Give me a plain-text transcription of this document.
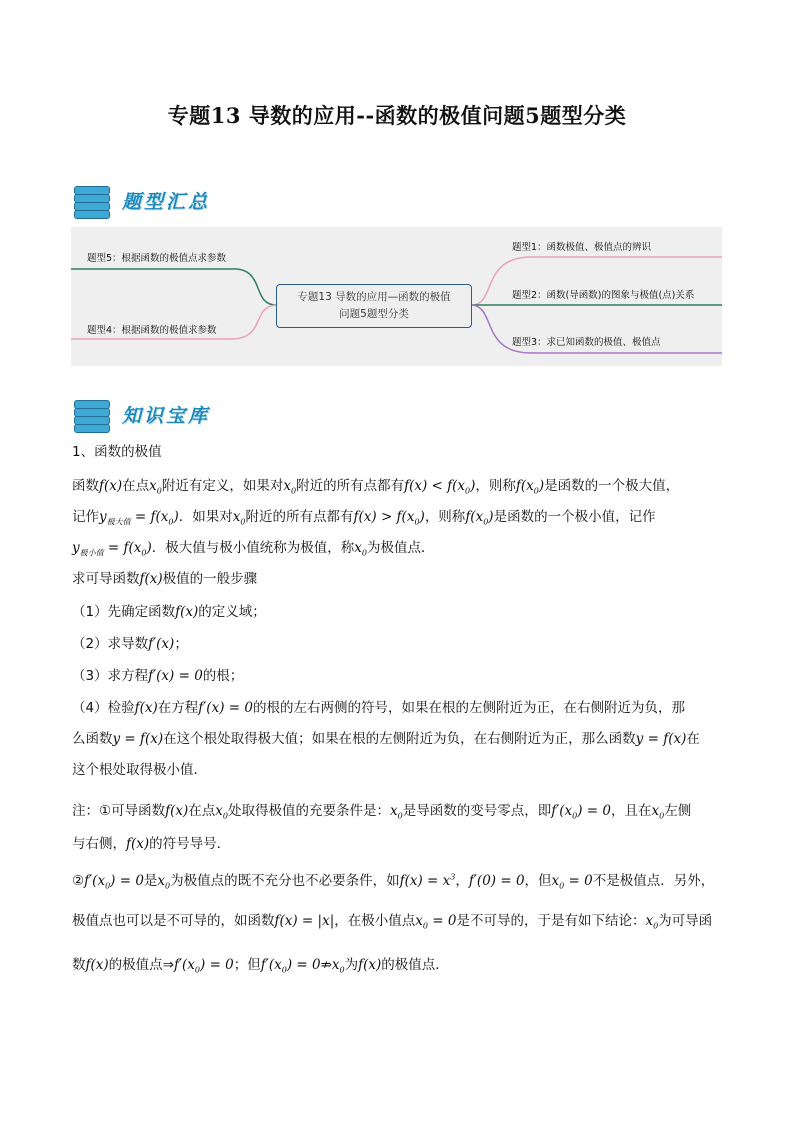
专题13 导数的应用--函数的极值问题5题型分类
题型汇总
专题13 导数的应用—函数的极值
问题5题型分类
题型5：根据函数的极值点求参数
题型4：根据函数的极值求参数
题型1：函数极值、极值点的辨识
题型2：函数(导函数)的图象与极值(点)关系
题型3：求已知函数的极值、极值点
知识宝库
1、函数的极值
函数f(x)在点$x_0$附近有定义，如果对$x_0$附近的所有点都有$f(x) < f(x_0)$，则称$f(x_0)$是函数的一个极大值，
记作$y_{极大值} = f(x_0)$．如果对$x_0$附近的所有点都有$f(x) > f(x_0)$，则称$f(x_0)$是函数的一个极小值，记作
$y_{极小值} = f(x_0)$．极大值与极小值统称为极值，称$x_0$为极值点．
求可导函数f(x)极值的一般步骤
（1）先确定函数f(x)的定义域；
（2）求导数f′(x)；
（3）求方程f′(x) = 0的根；
（4）检验f(x)在方程f′(x) = 0的根的左右两侧的符号，如果在根的左侧附近为正，在右侧附近为负，那
么函数y = f(x)在这个根处取得极大值；如果在根的左侧附近为负，在右侧附近为正，那么函数y = f(x)在
这个根处取得极小值．
注：①可导函数f(x)在点$x_0$处取得极值的充要条件是：$x_0$是导函数的变号零点，即$f'(x_0) = 0$，且在$x_0$左侧
与右侧，f(x)的符号导号．
$②f'(x_0) = 0$是$x_0$为极值点的既不充分也不必要条件，如$f(x) = x^3$，f′(0) = 0，但$x_0 = 0$不是极值点．另外，
极值点也可以是不可导的，如函数f(x) = |x|，在极小值点$x_0 = 0$是不可导的，于是有如下结论：$x_0$为可导函
数f(x)的极值点$\Rightarrow f'(x_0) = 0$；但$f'(x_0)$ = $0⇏x_0$为f(x)的极值点．
